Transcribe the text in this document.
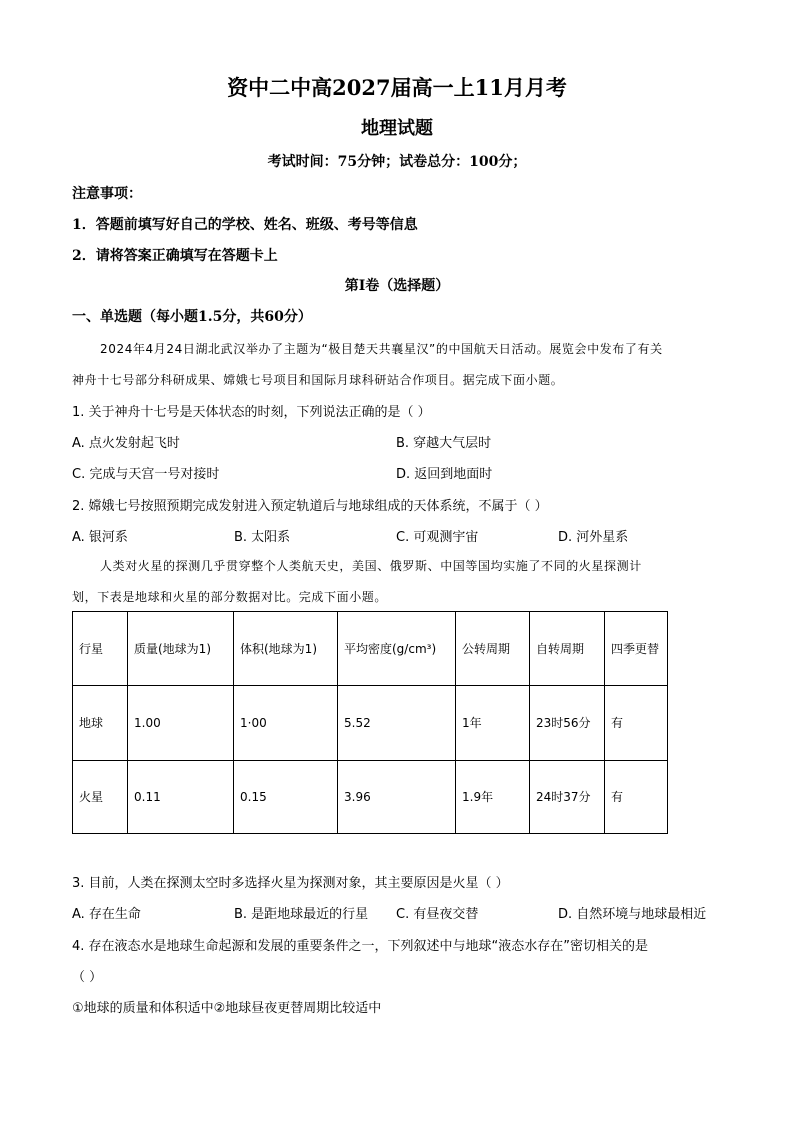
资中二中高2027届高一上11月月考
地理试题
考试时间：75分钟；试卷总分：100分；
注意事项：
1．答题前填写好自己的学校、姓名、班级、考号等信息
2．请将答案正确填写在答题卡上
第I卷（选择题）
一、单选题（每小题1.5分，共60分）
2024年4月24日湖北武汉举办了主题为“极目楚天共襄星汉”的中国航天日活动。展览会中发布了有关
神舟十七号部分科研成果、嫦娥七号项目和国际月球科研站合作项目。据完成下面小题。
1. 关于神舟十七号是天体状态的时刻，下列说法正确的是（ ）
A. 点火发射起飞时	B. 穿越大气层时
C. 完成与天宫一号对接时	D. 返回到地面时
2. 嫦娥七号按照预期完成发射进入预定轨道后与地球组成的天体系统，不属于（ ）
A. 银河系	B. 太阳系	C. 可观测宇宙	D. 河外星系
人类对火星的探测几乎贯穿整个人类航天史，美国、俄罗斯、中国等国均实施了不同的火星探测计
划，下表是地球和火星的部分数据对比。完成下面小题。
行星	质量(地球为1)	体积(地球为1)	平均密度(g/cm³)	公转周期	自转周期	四季更替
地球	1.00	1·00	5.52	1年	23时56分	有
火星	0.11	0.15	3.96	1.9年	24时37分	有
3. 目前，人类在探测太空时多选择火星为探测对象，其主要原因是火星（ ）
A. 存在生命	B. 是距地球最近的行星 C. 有昼夜交替	D. 自然环境与地球最相近
4. 存在液态水是地球生命起源和发展的重要条件之一，下列叙述中与地球“液态水存在”密切相关的是
（ ）
①地球的质量和体积适中②地球昼夜更替周期比较适中
